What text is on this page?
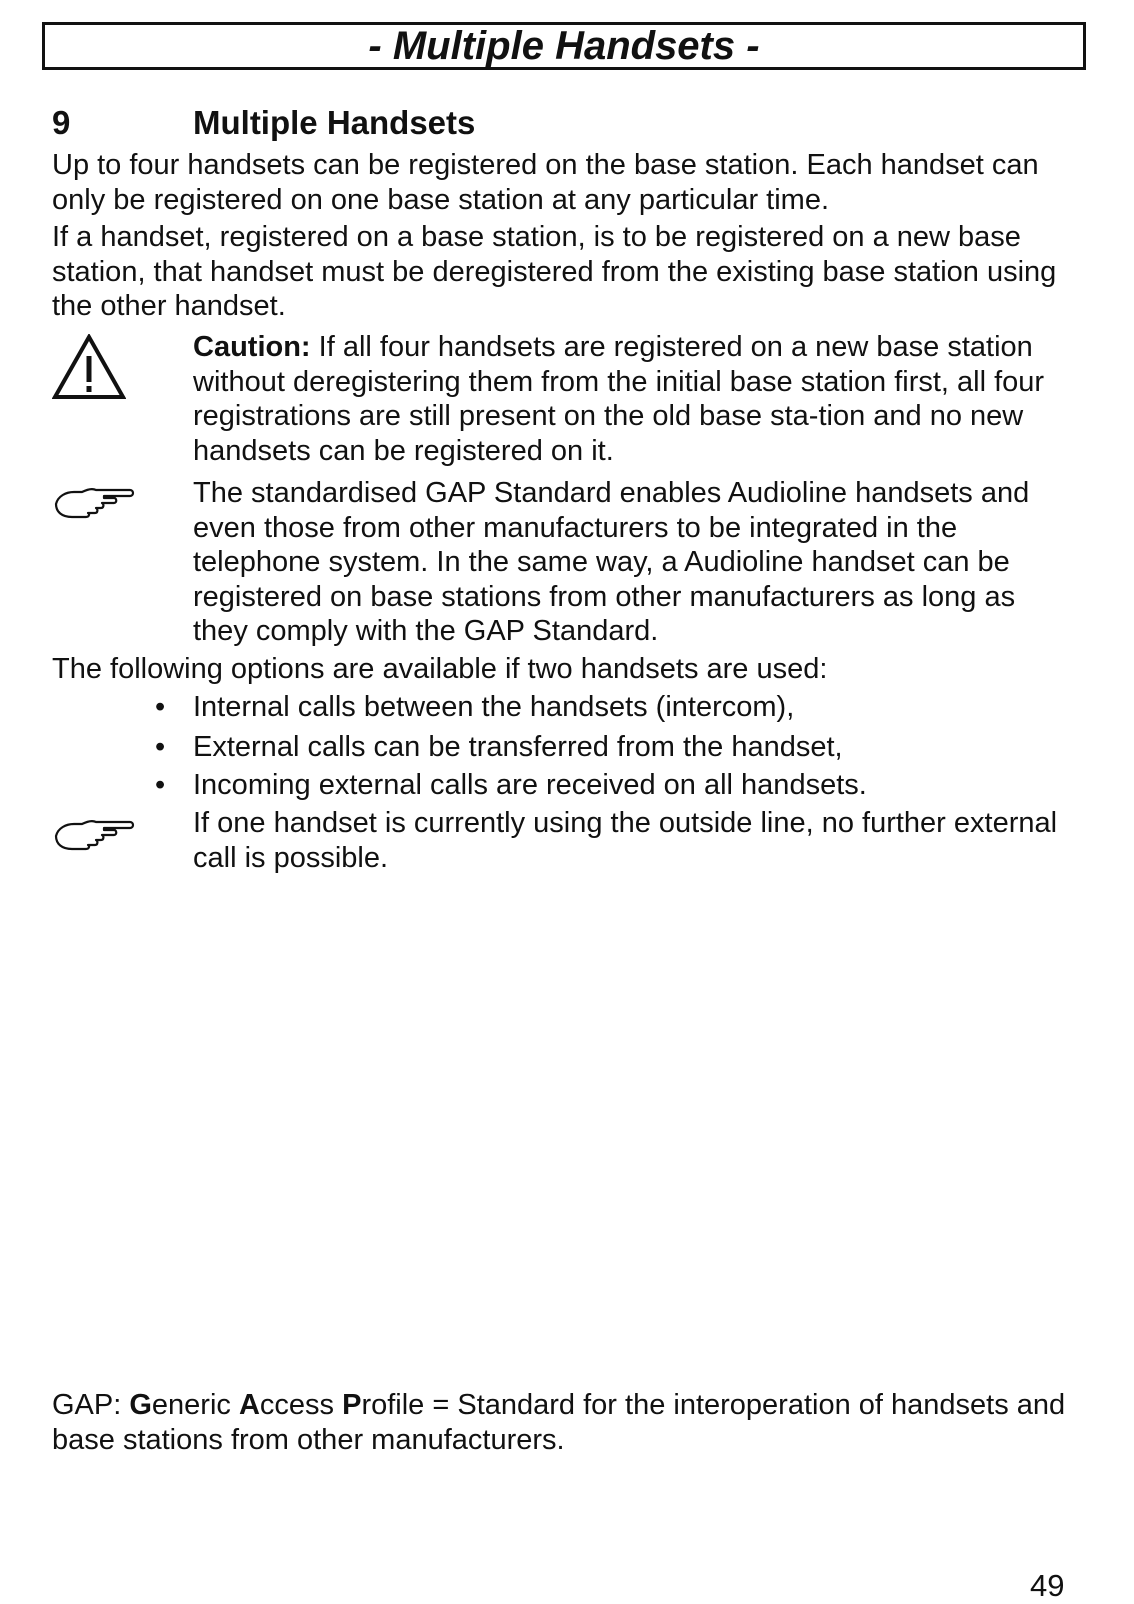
- Multiple Handsets -
9	Multiple Handsets

Up to four handsets can be registered on the base station. Each handset can only be registered on one base station at any particular time.

If a handset, registered on a base station, is to be registered on a new base station, that handset must be deregistered from the existing base station using the other handset.

Caution: If all four handsets are registered on a new base station without deregistering them from the initial base station first, all four registrations are still present on the old base sta-tion and no new handsets can be registered on it.

The standardised GAP Standard enables Audioline handsets and even those from other manufacturers to be integrated in the telephone system. In the same way, a Audioline handset can be registered on base stations from other manufacturers as long as they comply with the GAP Standard.

The following options are available if two handsets are used:

• Internal calls between the handsets (intercom),
• External calls can be transferred from the handset,
• Incoming external calls are received on all handsets.

If one handset is currently using the outside line, no further external call is possible.

GAP: Generic Access Profile = Standard for the interoperation of handsets and base stations from other manufacturers.

49
